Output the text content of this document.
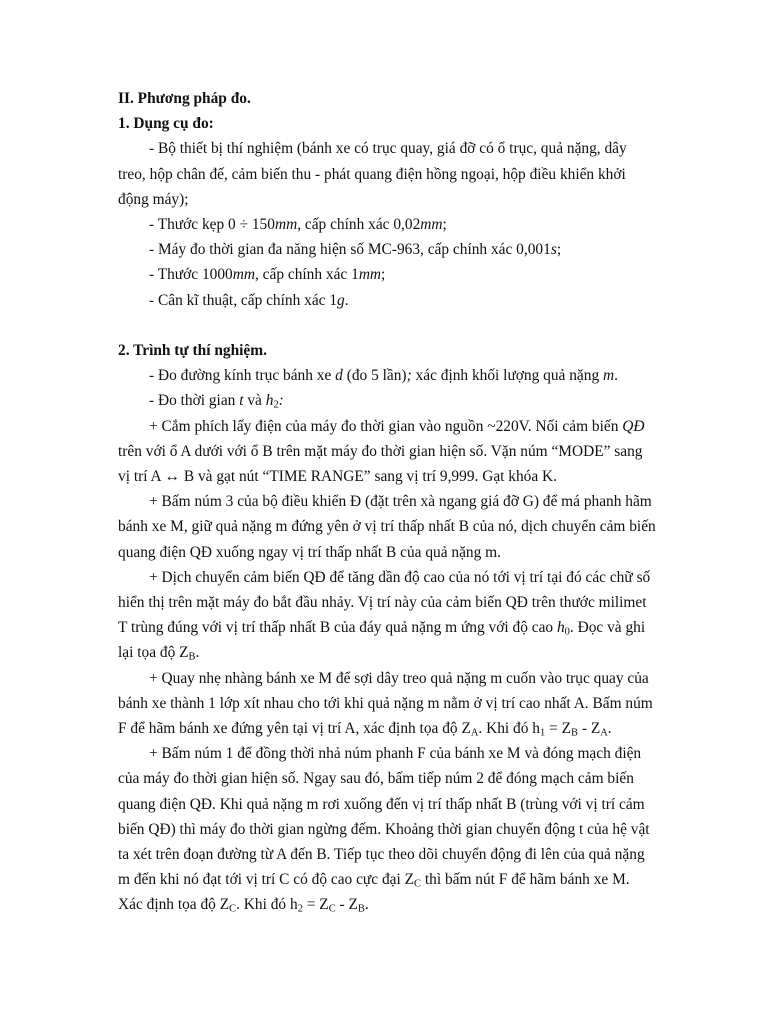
II. Phương pháp đo.

1. Dụng cụ đo:

- Bộ thiết bị thí nghiệm (bánh xe có trục quay, giá đỡ có ổ trục, quả nặng, dây treo, hộp chân đế, cảm biến thu - phát quang điện hồng ngoại, hộp điều khiển khởi động máy);

- Thước kẹp 0 ÷ 150mm, cấp chính xác 0,02mm;

- Máy đo thời gian đa năng hiện số MC-963, cấp chính xác 0,001s;

- Thước 1000mm, cấp chính xác 1mm;

- Cân kĩ thuật, cấp chính xác 1g.

2. Trình tự thí nghiệm.

- Đo đường kính trục bánh xe d (đo 5 lần); xác định khối lượng quả nặng m.

- Đo thời gian t và $h_2$:

+ Cắm phích lấy điện của máy đo thời gian vào nguồn ~220V. Nối cảm biến QĐ trên với ổ A dưới với ổ B trên mặt máy đo thời gian hiện số. Vặn núm “MODE” sang vị trí A ↔ B và gạt nút “TIME RANGE” sang vị trí 9,999. Gạt khóa K.

+ Bấm núm 3 của bộ điều khiển Đ (đặt trên xà ngang giá đỡ G) để má phanh hãm bánh xe M, giữ quả nặng m đứng yên ở vị trí thấp nhất B của nó, dịch chuyển cảm biến quang điện QĐ xuống ngay vị trí thấp nhất B của quả nặng m.

+ Dịch chuyển cảm biến QĐ để tăng dần độ cao của nó tới vị trí tại đó các chữ số hiển thị trên mặt máy đo bắt đầu nhảy. Vị trí này của cảm biến QĐ trên thước milimet T trùng đúng với vị trí thấp nhất B của đáy quả nặng m ứng với độ cao $h_0$. Đọc và ghi lại tọa độ $Z_B$.

+ Quay nhẹ nhàng bánh xe M để sợi dây treo quả nặng m cuốn vào trục quay của bánh xe thành 1 lớp xít nhau cho tới khi quả nặng m nằm ở vị trí cao nhất A. Bấm núm F để hãm bánh xe đứng yên tại vị trí A, xác định tọa độ $Z_A$. Khi đó $h_1 = Z_B - Z_A$.

+ Bấm núm 1 để đồng thời nhả núm phanh F của bánh xe M và đóng mạch điện của máy đo thời gian hiện số. Ngay sau đó, bấm tiếp núm 2 để đóng mạch cảm biến quang điện QĐ. Khi quả nặng m rơi xuống đến vị trí thấp nhất B (trùng với vị trí cảm biến QĐ) thì máy đo thời gian ngừng đếm. Khoảng thời gian chuyển động t của hệ vật ta xét trên đoạn đường từ A đến B. Tiếp tục theo dõi chuyển động đi lên của quả nặng m đến khi nó đạt tới vị trí C có độ cao cực đại $Z_C$ thì bấm nút F để hãm bánh xe M. Xác định tọa độ $Z_C$. Khi đó $h_2 = Z_C - Z_B$.
